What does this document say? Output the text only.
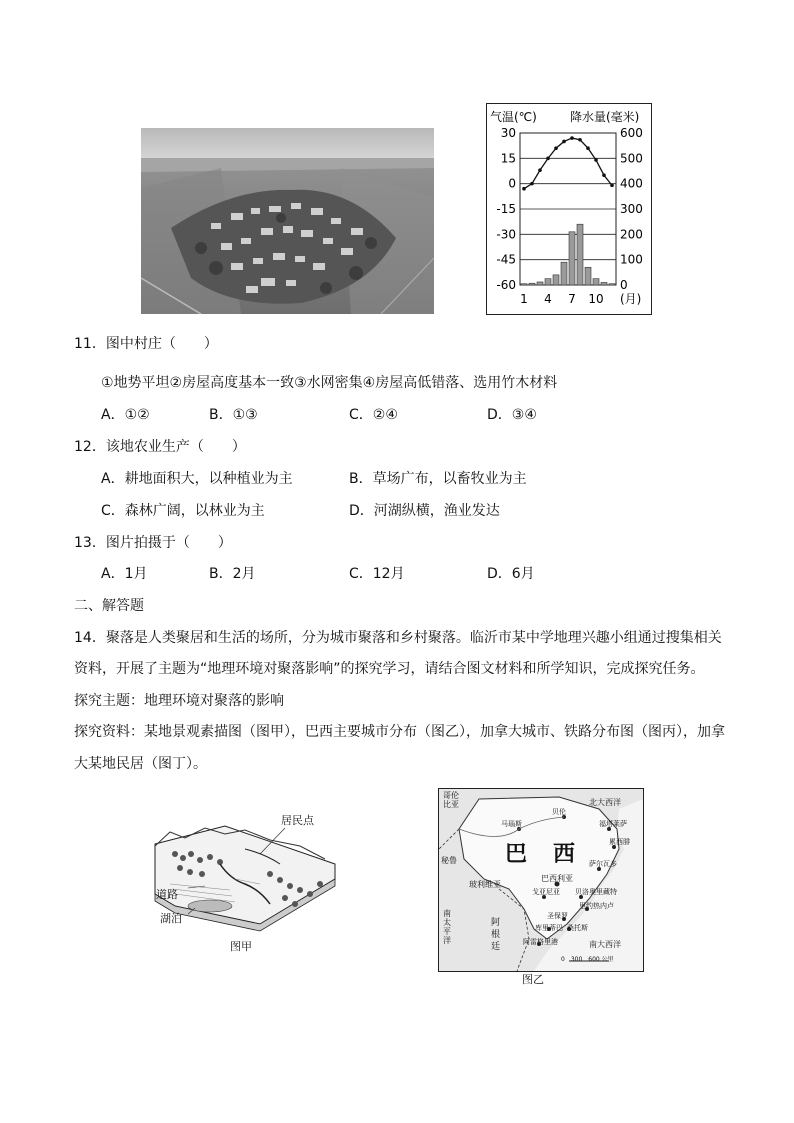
气温(℃)	降水量(毫米)
30
15
0
-15
-30
-45
-60
600
500
400
300
200
100
0
1 4 7 10 (月)
11．图中村庄（　　）
①地势平坦②房屋高度基本一致③水网密集④房屋高低错落、选用竹木材料
A．①②	B．①③	C．②④	D．③④
12．该地农业生产（　　）
A．耕地面积大，以种植业为主	B．草场广布，以畜牧业为主
C．森林广阔，以林业为主	D．河湖纵横，渔业发达
13．图片拍摄于（　　）
A．1月	B．2月	C．12月	D．6月
二、解答题
14．聚落是人类聚居和生活的场所，分为城市聚落和乡村聚落。临沂市某中学地理兴趣小组通过搜集相关
资料，开展了主题为“地理环境对聚落影响”的探究学习，请结合图文材料和所学知识，完成探究任务。
探究主题：地理环境对聚落的影响
探究资料：某地景观素描图（图甲），巴西主要城市分布（图乙），加拿大城市、铁路分布图（图丙），加拿
大某地民居（图丁）。
居民点
道路
湖泊
图甲
哥伦比亚	北大西洋
秘鲁 巴　西
玻利维亚
南太平洋
阿根廷	南大西洋
巴西利亚
马瑙斯
贝伦
福塔莱萨
累西腓
萨尔瓦多
戈亚尼亚 贝洛奥里藏特
里约热内卢
圣保罗
桑托斯
库里蒂巴
阿雷格里港
0　300　600 公里
图乙
